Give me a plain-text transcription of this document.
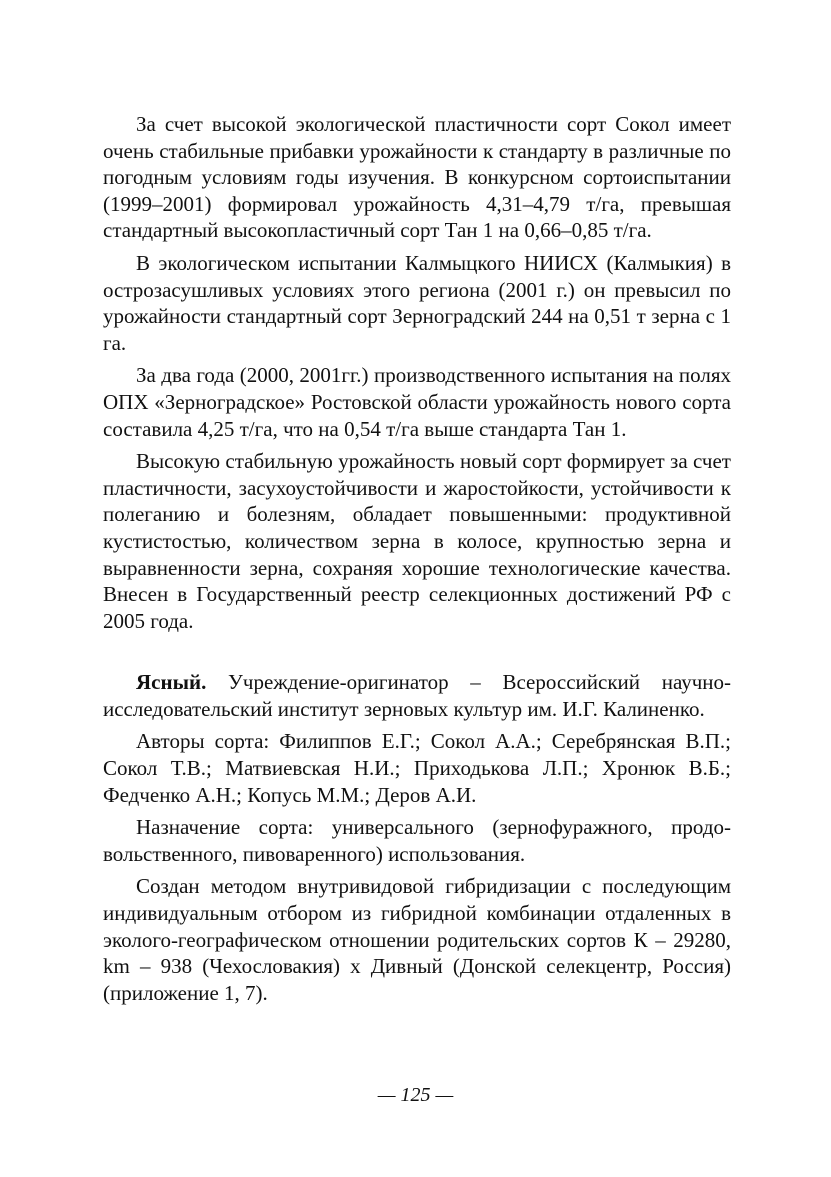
За счет высокой экологической пластичности сорт Сокол имеет очень стабильные прибавки урожайности к стандарту в различные по погодным условиям годы изучения. В конкурсном сортоиспытании (1999–2001) формировал урожайность 4,31–4,79 т/га, превышая стандартный высокопластичный сорт Тан 1 на 0,66–0,85 т/га.

В экологическом испытании Калмыцкого НИИСХ (Калмыкия) в острозасушливых условиях этого региона (2001 г.) он превысил по урожайности стандартный сорт Зерноградский 244 на 0,51 т зерна с 1 га.

За два года (2000, 2001гг.) производственного испытания на полях ОПХ «Зерноградское» Ростовской области урожайность нового сорта составила 4,25 т/га, что на 0,54 т/га выше стандарта Тан 1.

Высокую стабильную урожайность новый сорт формирует за счет пластичности, засухоустойчивости и жаростойкости, устойчивости к полеганию и болезням, обладает повышенными: продуктивной кустистостью, количеством зерна в колосе, крупностью зерна и выравненности зерна, сохраняя хорошие технологические качества. Внесен в Государственный реестр селекционных достижений РФ с 2005 года.

Ясный. Учреждение-оригинатор – Всероссийский научно-исследовательский институт зерновых культур им. И.Г. Калиненко.

Авторы сорта: Филиппов Е.Г.; Сокол А.А.; Серебрянская В.П.; Сокол Т.В.; Матвиевская Н.И.; Приходькова Л.П.; Хронюк В.Б.; Федченко А.Н.; Копусь М.М.; Деров А.И.

Назначение сорта: универсального (зернофуражного, продовольственного, пивоваренного) использования.

Создан методом внутривидовой гибридизации с последующим индивидуальным отбором из гибридной комбинации отдаленных в эколого-географическом отношении родительских сортов К – 29280, km – 938 (Чехословакия) х Дивный (Донской селекцентр, Россия) (приложение 1, 7).

— 125 —
